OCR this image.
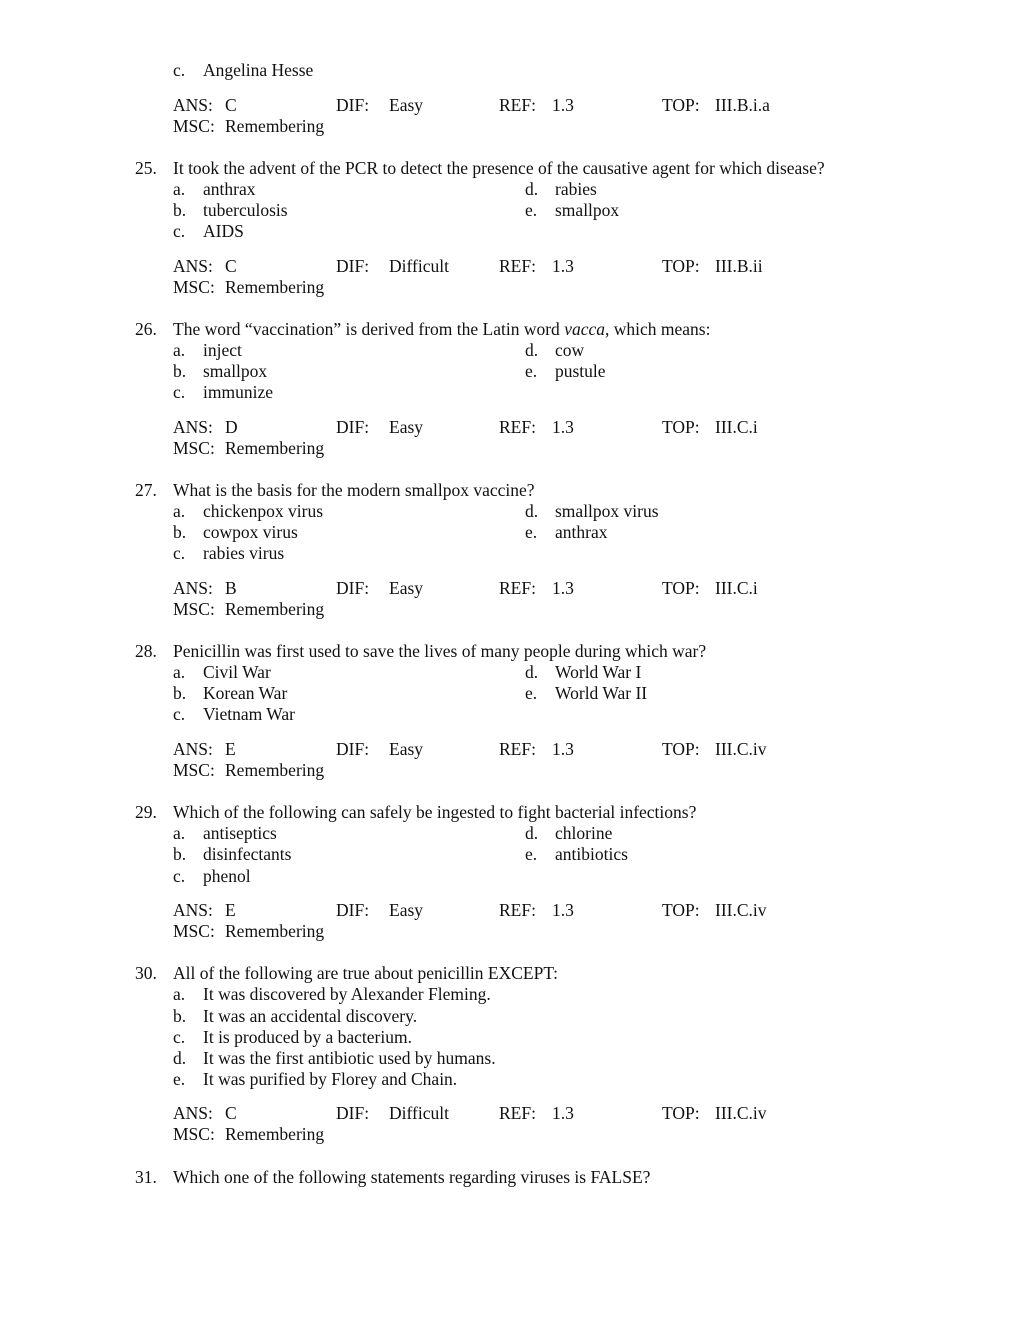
c. Angelina Hesse
ANS: C	DIF: Easy	REF: 1.3	TOP: III.B.i.a
MSC: Remembering
25. It took the advent of the PCR to detect the presence of the causative agent for which disease?
a. anthrax	d. rabies
b. tuberculosis	e. smallpox
c. AIDS
ANS: C	DIF: Difficult	REF: 1.3	TOP: III.B.ii
MSC: Remembering
26. The word “vaccination” is derived from the Latin word vacca, which means:
a. inject	d. cow
b. smallpox	e. pustule
c. immunize
ANS: D	DIF: Easy	REF: 1.3	TOP: III.C.i
MSC: Remembering
27. What is the basis for the modern smallpox vaccine?
a. chickenpox virus	d. smallpox virus
b. cowpox virus	e. anthrax
c. rabies virus
ANS: B	DIF: Easy	REF: 1.3	TOP: III.C.i
MSC: Remembering
28. Penicillin was first used to save the lives of many people during which war?
a. Civil War	d. World War I
b. Korean War	e. World War II
c. Vietnam War
ANS: E	DIF: Easy	REF: 1.3	TOP: III.C.iv
MSC: Remembering
29. Which of the following can safely be ingested to fight bacterial infections?
a. antiseptics	d. chlorine
b. disinfectants	e. antibiotics
c. phenol
ANS: E	DIF: Easy	REF: 1.3	TOP: III.C.iv
MSC: Remembering
30. All of the following are true about penicillin EXCEPT:
a. It was discovered by Alexander Fleming.
b. It was an accidental discovery.
c. It is produced by a bacterium.
d. It was the first antibiotic used by humans.
e. It was purified by Florey and Chain.
ANS: C	DIF: Difficult	REF: 1.3	TOP: III.C.iv
MSC: Remembering
31. Which one of the following statements regarding viruses is FALSE?
